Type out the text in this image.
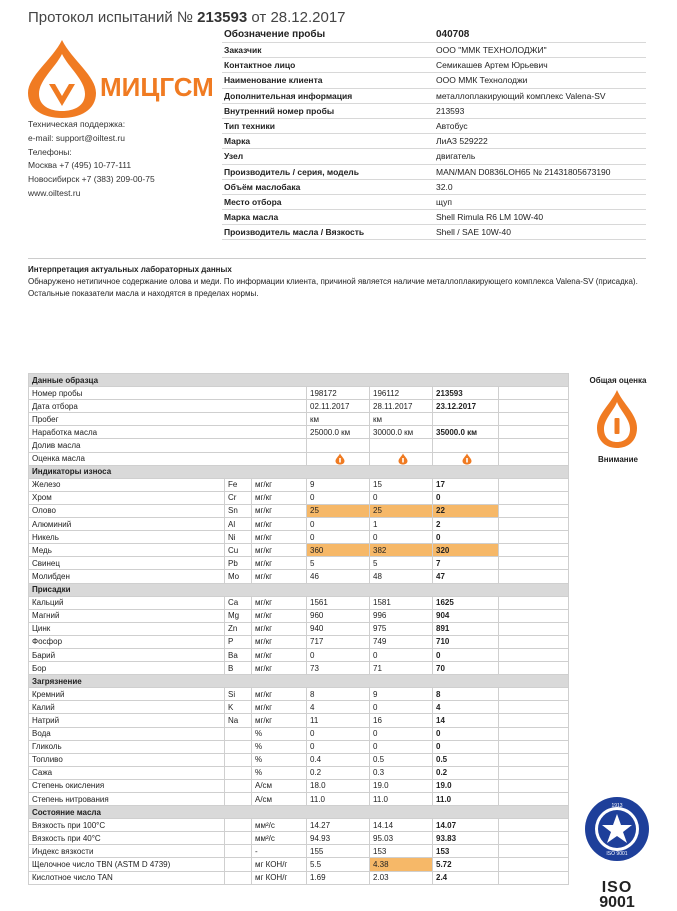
Протокол испытаний № 213593 от 28.12.2017
МИЦГСМ
Техническая поддержка:
e-mail: support@oiltest.ru
Телефоны:
Москва +7 (495) 10-77-111
Новосибирск +7 (383) 209-00-75
www.oiltest.ru
Обозначение пробы	040708
Заказчик	ООО "ММК ТЕХНОЛОДЖИ"
Контактное лицо	Семикашев Артем Юрьевич
Наименование клиента	ООО ММК Технолоджи
Дополнительная информация	металлоплакирующий комплекс Valena-SV
Внутренний номер пробы	213593
Тип техники	Автобус
Марка	ЛиАЗ 529222
Узел	двигатель
Производитель / серия, модель	MAN/MAN D0836LOH65 № 21431805673190
Объём маслобака	32.0
Место отбора	щуп
Марка масла	Shell Rimula R6 LM 10W-40
Производитель масла / Вязкость	Shell / SAE 10W-40
Интерпретация актуальных лабораторных данных
Обнаружено нетипичное содержание олова и меди. По информации клиента, причиной является наличие металлоплакирующего комплекса Valena-SV (присадка). Остальные показатели масла и находятся в пределах нормы.
Данные образца						
Номер пробы			198172	196112	213593	
Дата отбора			02.11.2017	28.11.2017	23.12.2017	
Пробег			км	км		
Наработка масла			25000.0 км	30000.0 км	35000.0 км	
Долив масла						
Оценка масла				
Индикаторы износа						
Железо	Fe	мг/кг	9	15	17	
Хром	Cr	мг/кг	0	0	0	
Олово	Sn	мг/кг	25	25	22	
Алюминий	Al	мг/кг	0	1	2	
Никель	Ni	мг/кг	0	0	0	
Медь	Cu	мг/кг	360	382	320	
Свинец	Pb	мг/кг	5	5	7	
Молибден	Mo	мг/кг	46	48	47	
Присадки						
Кальций	Ca	мг/кг	1561	1581	1625	
Магний	Mg	мг/кг	960	996	904	
Цинк	Zn	мг/кг	940	975	891	
Фосфор	P	мг/кг	717	749	710	
Барий	Ba	мг/кг	0	0	0	
Бор	B	мг/кг	73	71	70	
Загрязнение						
Кремний	Si	мг/кг	8	9	8	
Калий	K	мг/кг	4	0	4	
Натрий	Na	мг/кг	11	16	14	
Вода		%	0	0	0	
Гликоль		%	0	0	0	
Топливо		%	0.4	0.5	0.5	
Сажа		%	0.2	0.3	0.2	
Степень окисления		А/см	18.0	19.0	19.0	
Степень нитрования		А/см	11.0	11.0	11.0	
Состояние масла						
Вязкость при 100°С		мм²/с	14.27	14.14	14.07	
Вязкость при 40°С		мм²/с	94.93	95.03	93.83	
Индекс вязкости		-	155	153	153	
Щелочное число TBN (ASTM D 4739)		мг КОН/г	5.5	4.38	5.72	
Кислотное число TAN		мг КОН/г	1.69	2.03	2.4	
Общая оценка
Внимание
ISO 9001
1913
ISO
9001
